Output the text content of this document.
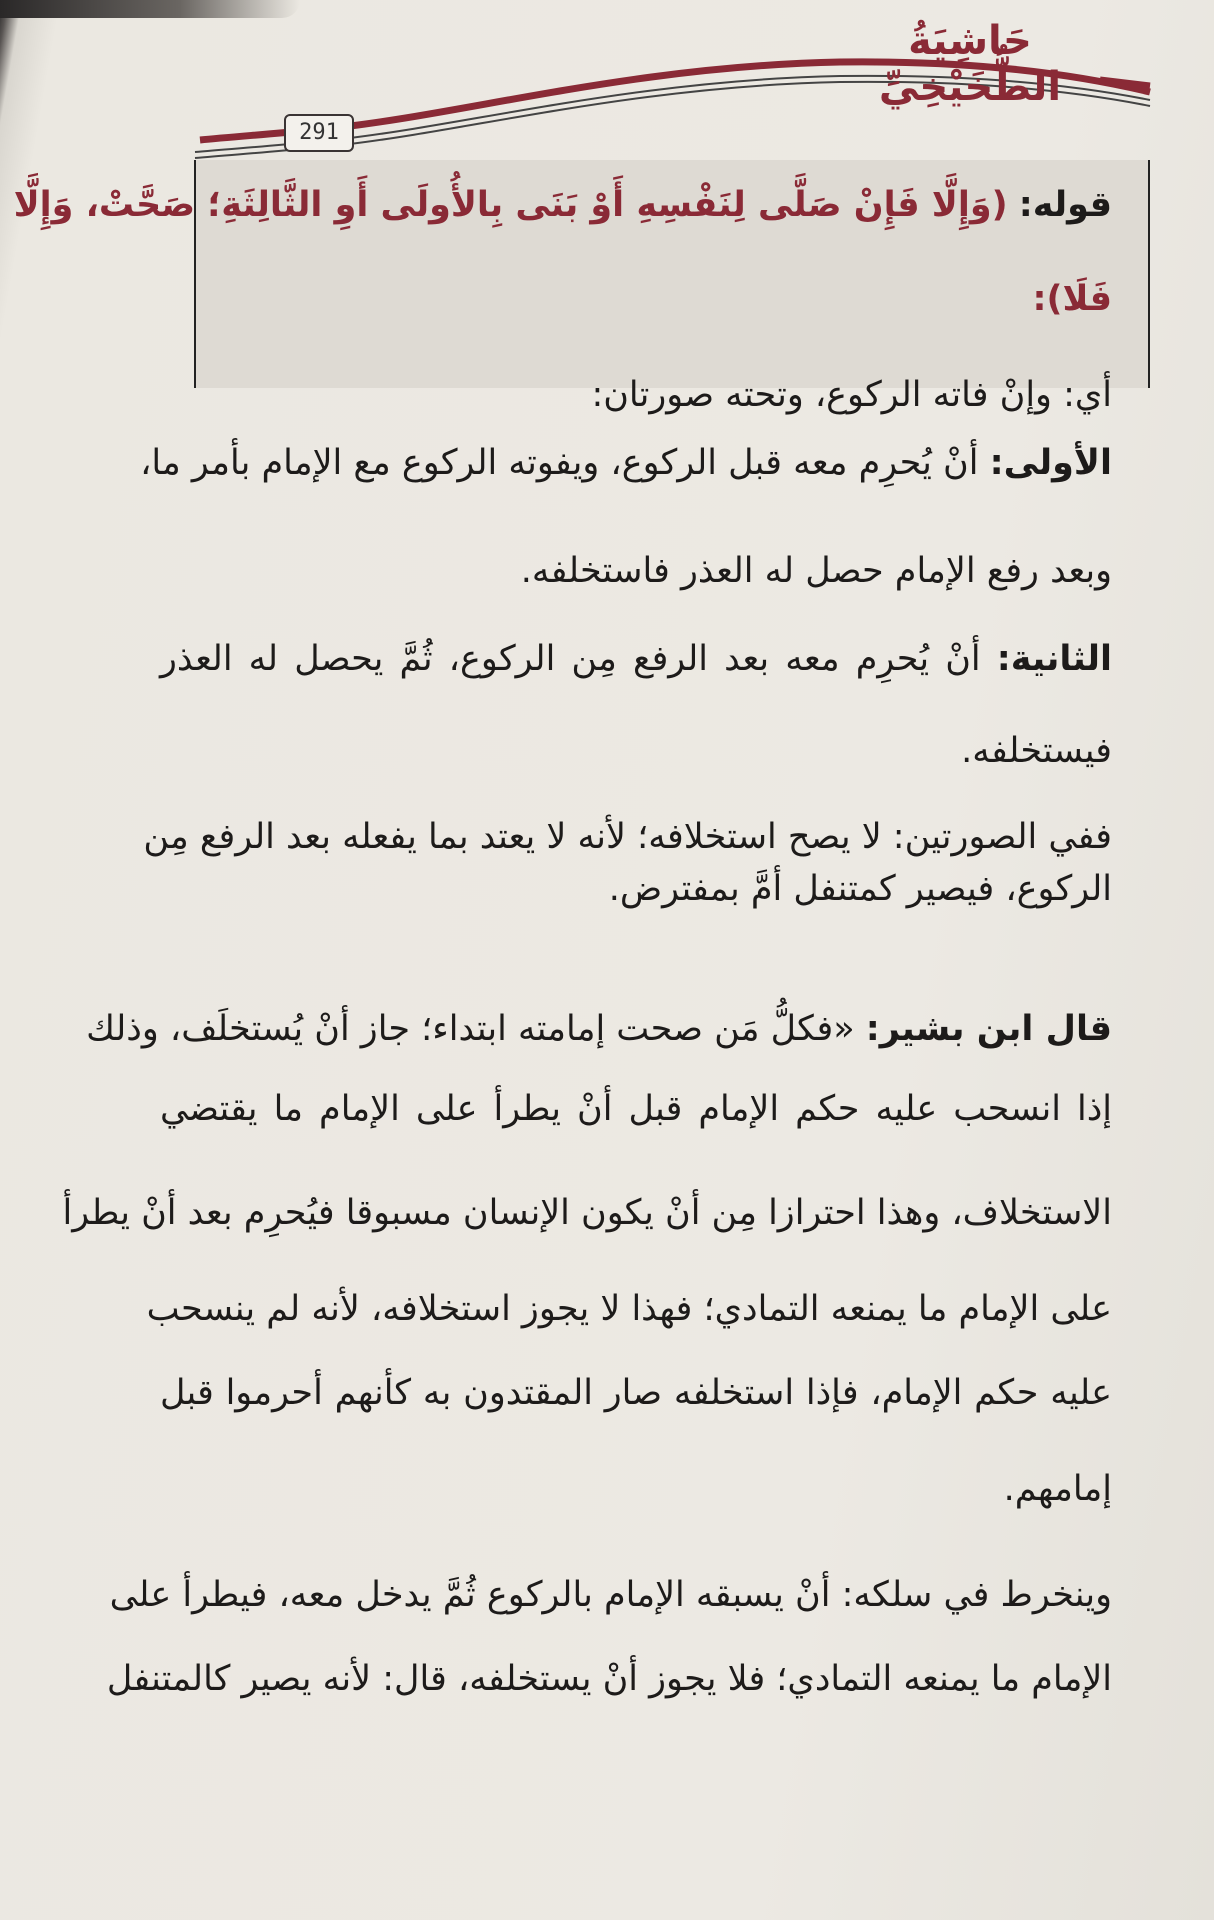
حَاشِيَةُ الطُّخَيْخِيِّ
291
قوله: (وَإِلَّا فَإِنْ صَلَّى لِنَفْسِهِ أَوْ بَنَى بِالأُولَى أَوِ الثَّالِثَةِ؛ صَحَّتْ، وَإِلَّا
فَلَا):
أي: وإنْ فاته الركوع، وتحته صورتان:
الأولى: أنْ يُحرِم معه قبل الركوع، ويفوته الركوع مع الإمام بأمر ما،
وبعد رفع الإمام حصل له العذر فاستخلفه.
الثانية: أنْ يُحرِم معه بعد الرفع مِن الركوع، ثُمَّ يحصل له العذر
فيستخلفه.
ففي الصورتين: لا يصح استخلافه؛ لأنه لا يعتد بما يفعله بعد الرفع مِن
الركوع، فيصير كمتنفل أمَّ بمفترض.
قال ابن بشير: «فكلُّ مَن صحت إمامته ابتداء؛ جاز أنْ يُستخلَف، وذلك
إذا انسحب عليه حكم الإمام قبل أنْ يطرأ على الإمام ما يقتضي
الاستخلاف، وهذا احترازا مِن أنْ يكون الإنسان مسبوقا فيُحرِم بعد أنْ يطرأ
على الإمام ما يمنعه التمادي؛ فهذا لا يجوز استخلافه، لأنه لم ينسحب
عليه حكم الإمام، فإذا استخلفه صار المقتدون به كأنهم أحرموا قبل
إمامهم.
وينخرط في سلكه: أنْ يسبقه الإمام بالركوع ثُمَّ يدخل معه، فيطرأ على
الإمام ما يمنعه التمادي؛ فلا يجوز أنْ يستخلفه، قال: لأنه يصير كالمتنفل
